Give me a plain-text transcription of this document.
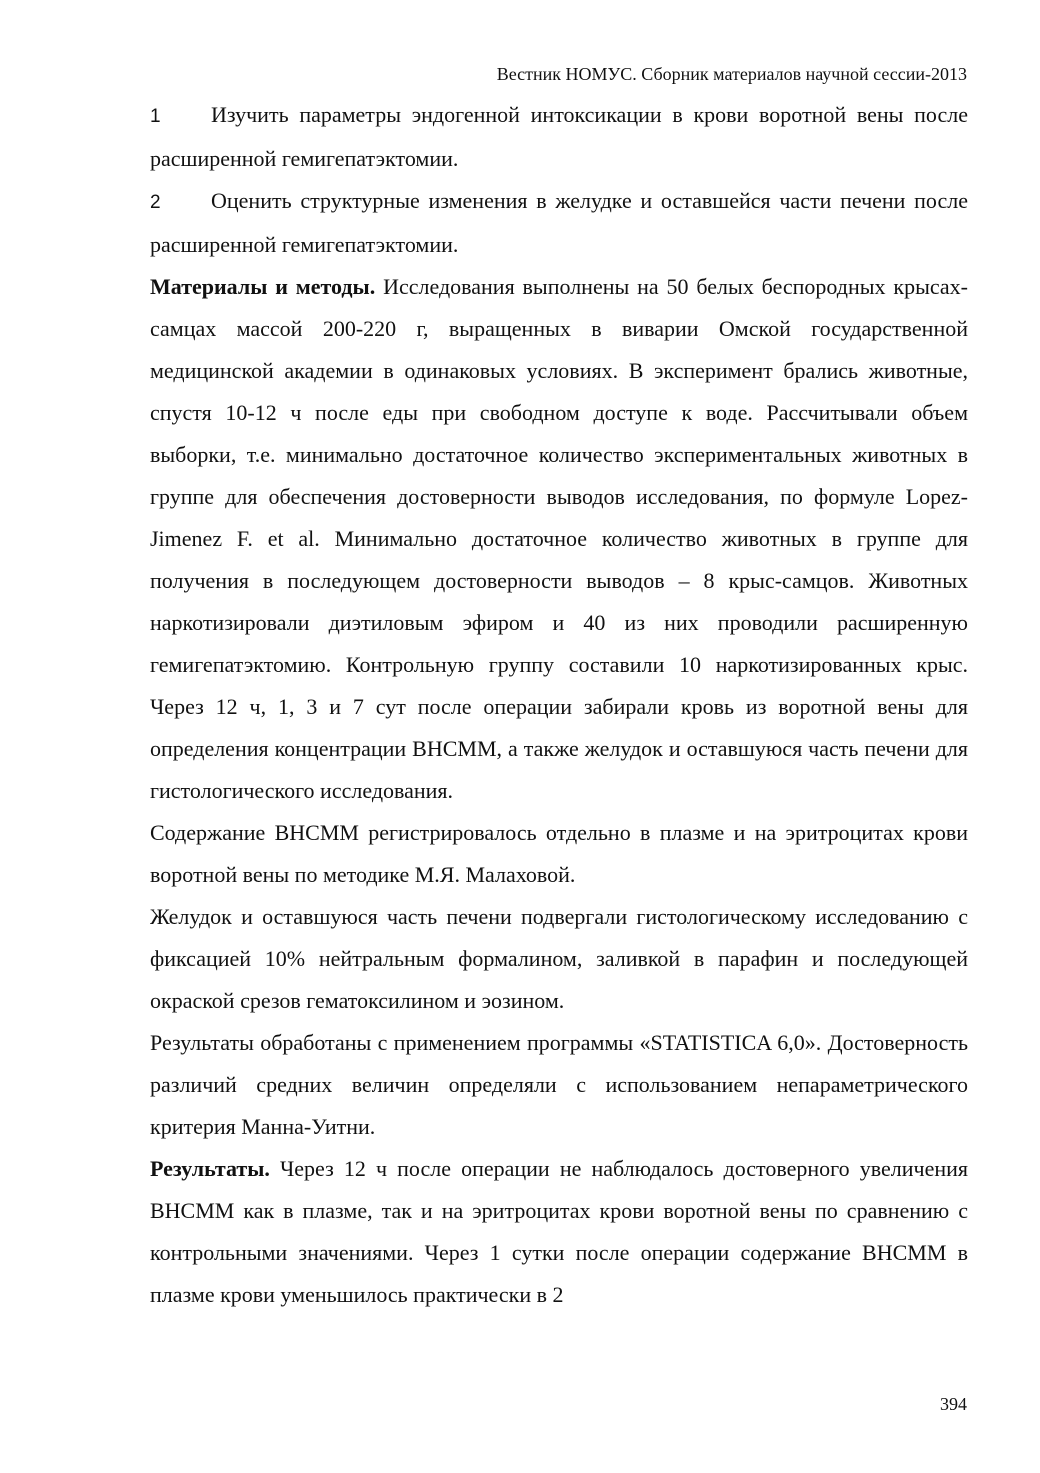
Вестник НОМУС. Сборник материалов научной сессии-2013

1 Изучить параметры эндогенной интоксикации в крови воротной вены после расширенной гемигепатэктомии.

2 Оценить структурные изменения в желудке и оставшейся части печени после расширенной гемигепатэктомии.

Материалы и методы. Исследования выполнены на 50 белых беспородных крысах-самцах массой 200-220 г, выращенных в виварии Омской государственной медицинской академии в одинаковых условиях. В эксперимент брались животные, спустя 10-12 ч после еды при свободном доступе к воде. Рассчитывали объем выборки, т.е. минимально достаточное количество экспериментальных животных в группе для обеспечения достоверности выводов исследования, по формуле Lopez-Jimenez F. et al. Минимально достаточное количество животных в группе для получения в последующем достоверности выводов – 8 крыс-самцов. Животных наркотизировали диэтиловым эфиром и 40 из них проводили расширенную гемигепатэктомию. Контрольную группу составили 10 наркотизированных крыс. Через 12 ч, 1, 3 и 7 сут после операции забирали кровь из воротной вены для определения концентрации ВНСММ, а также желудок и оставшуюся часть печени для гистологического исследования.

Содержание ВНСММ регистрировалось отдельно в плазме и на эритроцитах крови воротной вены по методике М.Я. Малаховой.

Желудок и оставшуюся часть печени подвергали гистологическому исследованию с фиксацией 10% нейтральным формалином, заливкой в парафин и последующей окраской срезов гематоксилином и эозином.

Результаты обработаны с применением программы «STATISTICA 6,0». Достоверность различий средних величин определяли с использованием непараметрического критерия Манна-Уитни.

Результаты. Через 12 ч после операции не наблюдалось достоверного увеличения ВНСММ как в плазме, так и на эритроцитах крови воротной вены по сравнению с контрольными значениями. Через 1 сутки после операции содержание ВНСММ в плазме крови уменьшилось практически в 2

394
